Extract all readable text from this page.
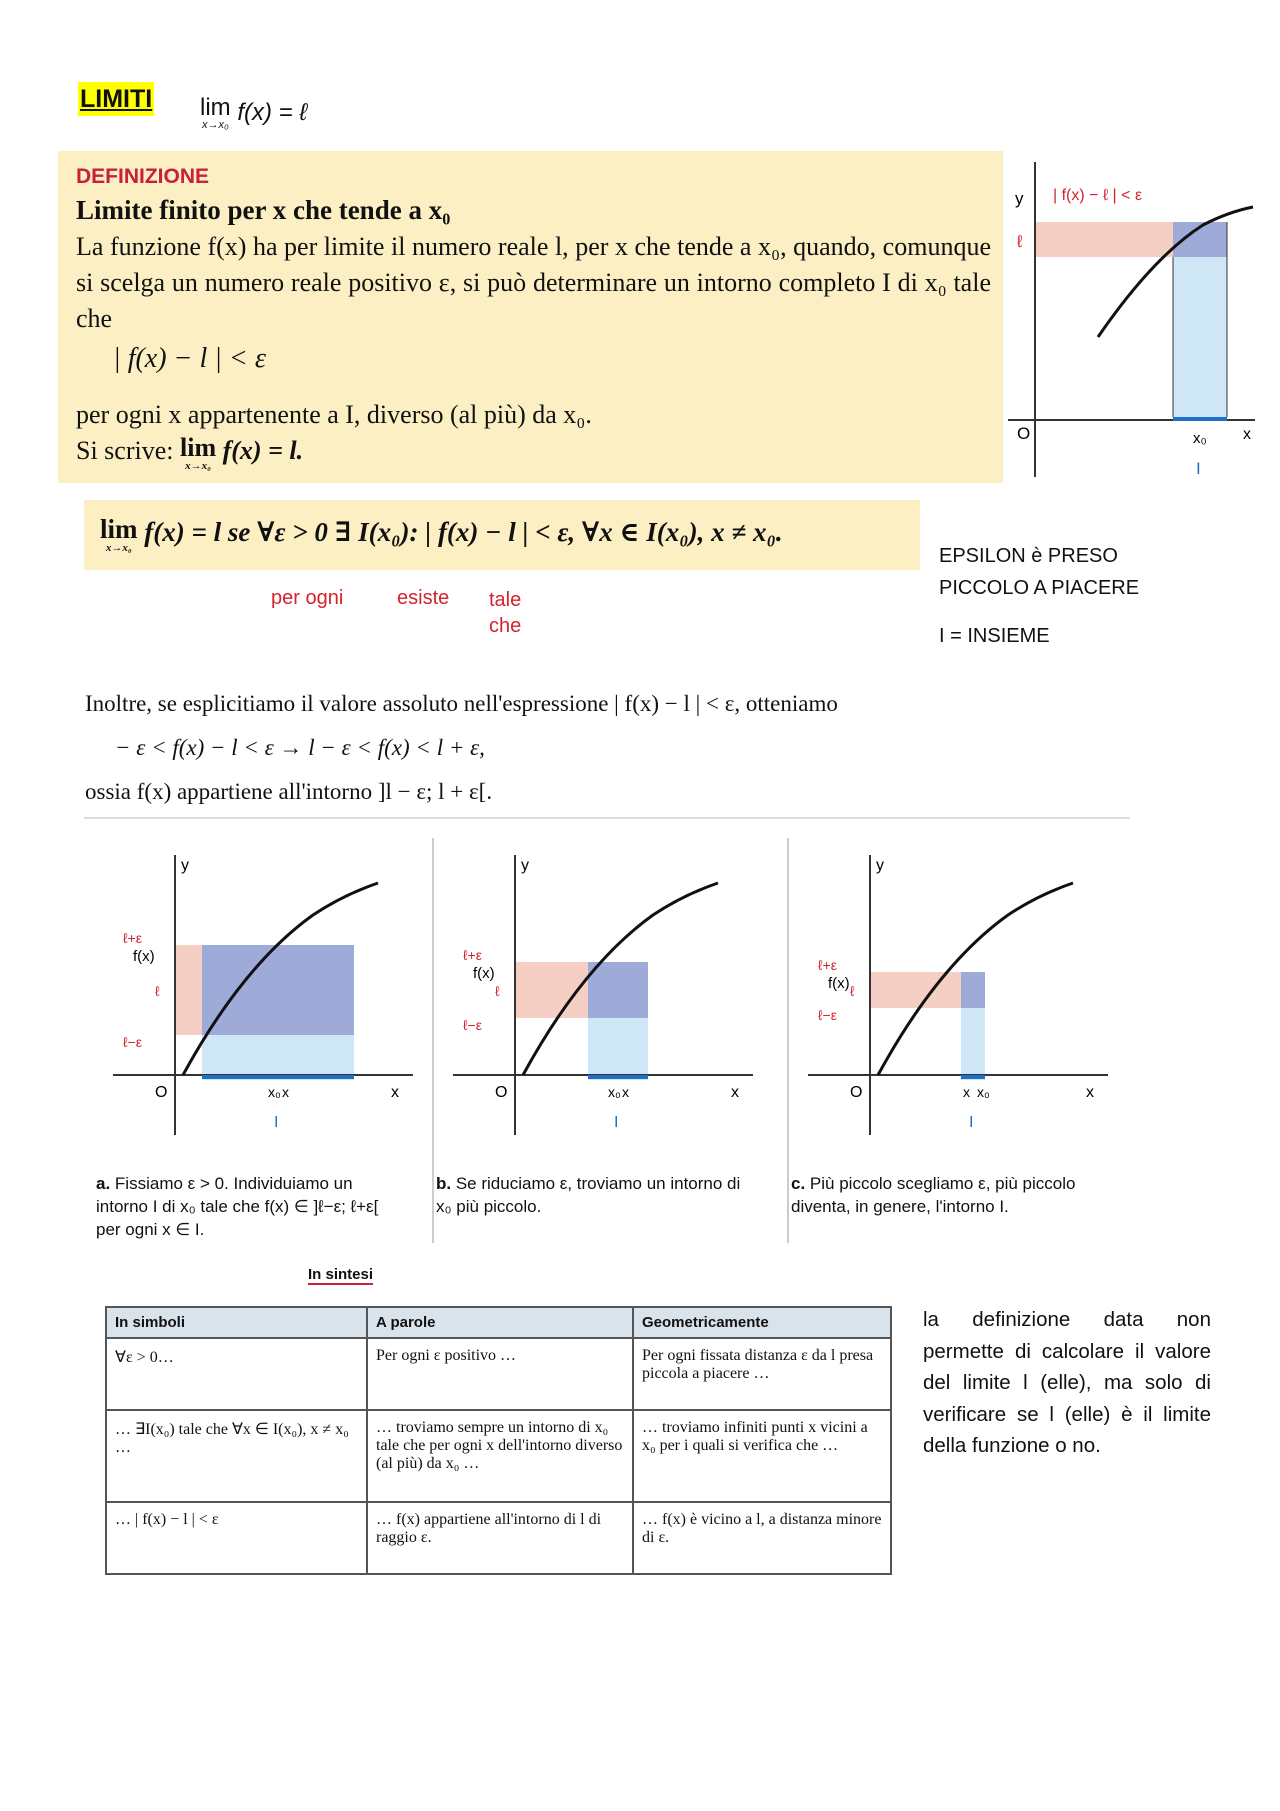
LIMITI lim
x→x₀ f(x) = ℓ
DEFINIZIONE
Limite finito per x che tende a x₀
La funzione f(x) ha per limite il numero reale l, per x che tende a x₀, quando, comunque si scelga un numero reale positivo ε, si può determinare un intorno completo I di x₀ tale che
| f(x) − l | < ε
per ogni x appartenente a I, diverso (al più) da x₀.
Si scrive: lim
x→x₀
f(x) = l.
y | f(x) − ℓ | < ε
ℓ
O	x₀ x
I
lim
x→x₀
f(x) = l se ∀ε > 0 ∃ I(x₀): | f(x) − l | < ε, ∀x ∈ I(x₀), x ≠ x₀.
per ogni	esiste tale che
EPSILON è PRESO PICCOLO A PIACERE
I = INSIEME
Inoltre, se esplicitiamo il valore assoluto nell'espressione | f(x) − l | < ε, otteniamo
− ε < f(x) − l < ε → l − ε < f(x) < l + ε,
ossia f(x) appartiene all'intorno ]l − ε; l + ε[.
y
ℓ+ε
f(x)
ℓ
ℓ−ε
O	x₀ x	x
I
a. Fissiamo ε > 0. Individuiamo un intorno I di x₀ tale che f(x) ∈ ]ℓ−ε; ℓ+ε[ per ogni x ∈ I.
y
ℓ+ε
f(x)
ℓ
ℓ−ε
O	x₀ x	x
I
b. Se riduciamo ε, troviamo un intorno di x₀ più piccolo.
y
ℓ+ε
f(x) ℓ
ℓ−ε
O	x x₀	x
I
c. Più piccolo scegliamo ε, più piccolo diventa, in genere, l'intorno I.
In sintesi
In simboli	A parole	Geometricamente
∀ε > 0…	Per ogni ε positivo …	Per ogni fissata distanza ε da l presa piccola a piacere …
… ∃I(x₀) tale che ∀x ∈ I(x₀), x ≠ x₀ …	… troviamo sempre un intorno di x₀ tale che per ogni x dell'intorno diverso (al più) da x₀ …	… troviamo infiniti punti x vicini a x₀ per i quali si verifica che …
… | f(x) − l | < ε	… f(x) appartiene all'intorno di l di raggio ε.	… f(x) è vicino a l, a distanza minore di ε.
la definizione data non permette di calcolare il valore del limite l (elle), ma solo di verificare se l (elle) è il limite della funzione o no.
